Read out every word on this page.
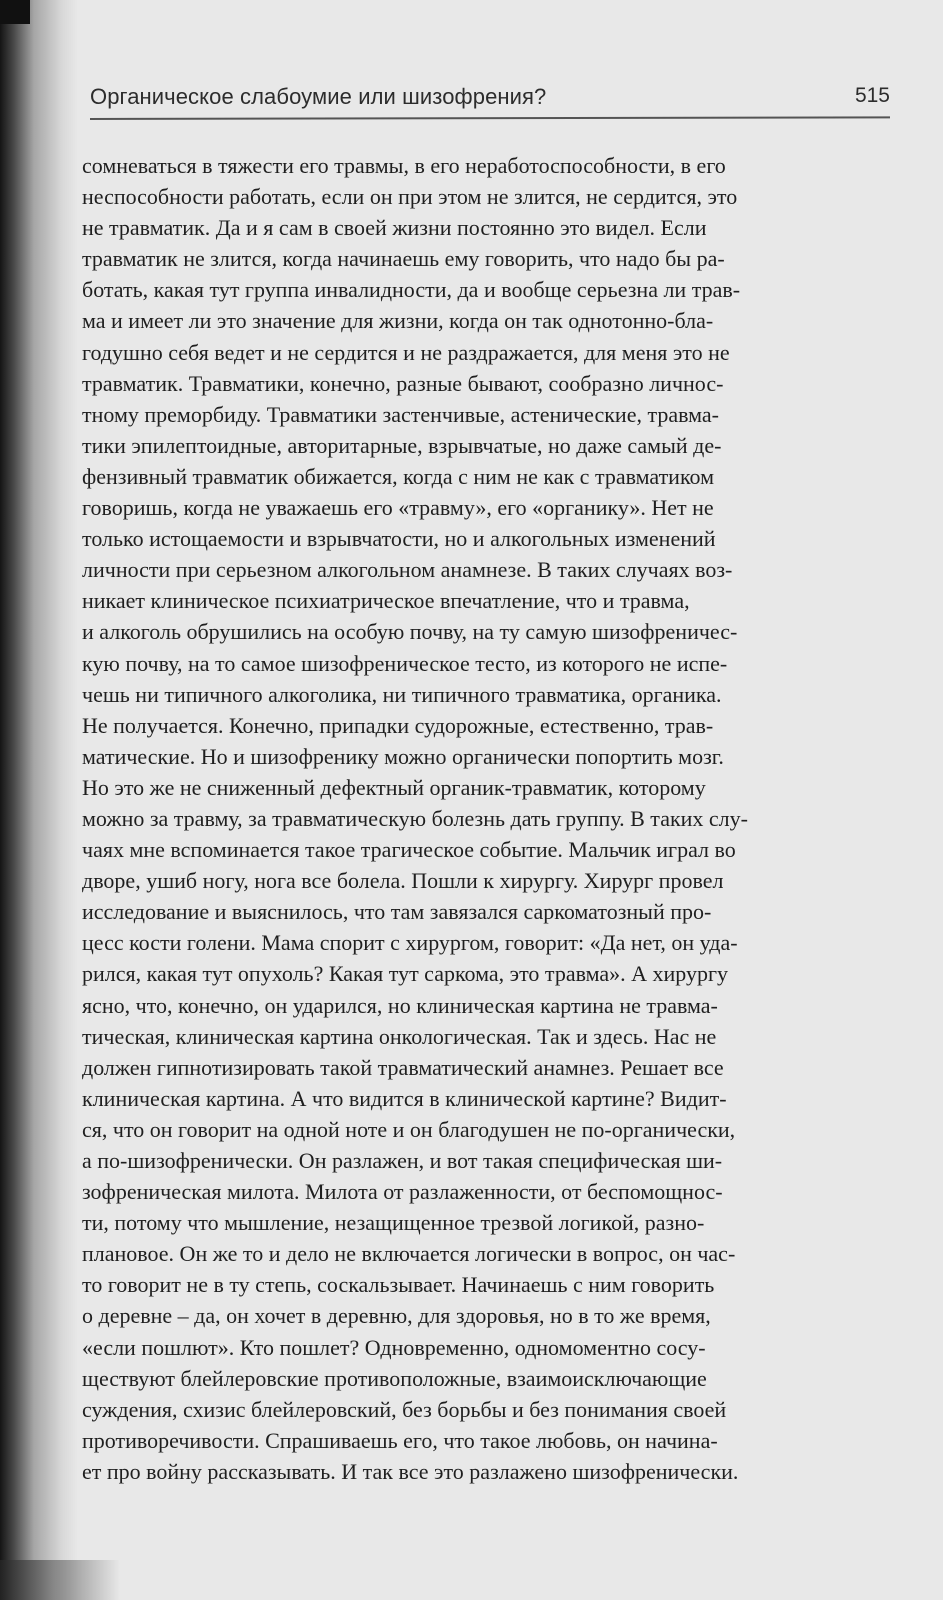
Органическое слабоумие или шизофрения?	515
сомневаться в тяжести его травмы, в его неработоспособности, в его
неспособности работать, если он при этом не злится, не сердится, это
не травматик. Да и я сам в своей жизни постоянно это видел. Если
травматик не злится, когда начинаешь ему говорить, что надо бы ра-
ботать, какая тут группа инвалидности, да и вообще серьезна ли трав-
ма и имеет ли это значение для жизни, когда он так однотонно-бла-
годушно себя ведет и не сердится и не раздражается, для меня это не
травматик. Травматики, конечно, разные бывают, сообразно личнос-
тному преморбиду. Травматики застенчивые, астенические, травма-
тики эпилептоидные, авторитарные, взрывчатые, но даже самый де-
фензивный травматик обижается, когда с ним не как с травматиком
говоришь, когда не уважаешь его «травму», его «органику». Нет не
только истощаемости и взрывчатости, но и алкогольных изменений
личности при серьезном алкогольном анамнезе. В таких случаях воз-
никает клиническое психиатрическое впечатление, что и травма,
и алкоголь обрушились на особую почву, на ту самую шизофреничес-
кую почву, на то самое шизофреническое тесто, из которого не испе-
чешь ни типичного алкоголика, ни типичного травматика, органика.
Не получается. Конечно, припадки судорожные, естественно, трав-
матические. Но и шизофренику можно органически попортить мозг.
Но это же не сниженный дефектный органик-травматик, которому
можно за травму, за травматическую болезнь дать группу. В таких слу-
чаях мне вспоминается такое трагическое событие. Мальчик играл во
дворе, ушиб ногу, нога все болела. Пошли к хирургу. Хирург провел
исследование и выяснилось, что там завязался саркоматозный про-
цесс кости голени. Мама спорит с хирургом, говорит: «Да нет, он уда-
рился, какая тут опухоль? Какая тут саркома, это травма». А хирургу
ясно, что, конечно, он ударился, но клиническая картина не травма-
тическая, клиническая картина онкологическая. Так и здесь. Нас не
должен гипнотизировать такой травматический анамнез. Решает все
клиническая картина. А что видится в клинической картине? Видит-
ся, что он говорит на одной ноте и он благодушен не по-органически,
а по-шизофренически. Он разлажен, и вот такая специфическая ши-
зофреническая милота. Милота от разлаженности, от беспомощнос-
ти, потому что мышление, незащищенное трезвой логикой, разно-
плановое. Он же то и дело не включается логически в вопрос, он час-
то говорит не в ту степь, соскальзывает. Начинаешь с ним говорить
о деревне – да, он хочет в деревню, для здоровья, но в то же время,
«если пошлют». Кто пошлет? Одновременно, одномоментно сосу-
ществуют блейлеровские противоположные, взаимоисключающие
суждения, схизис блейлеровский, без борьбы и без понимания своей
противоречивости. Спрашиваешь его, что такое любовь, он начина-
ет про войну рассказывать. И так все это разлажено шизофренически.
